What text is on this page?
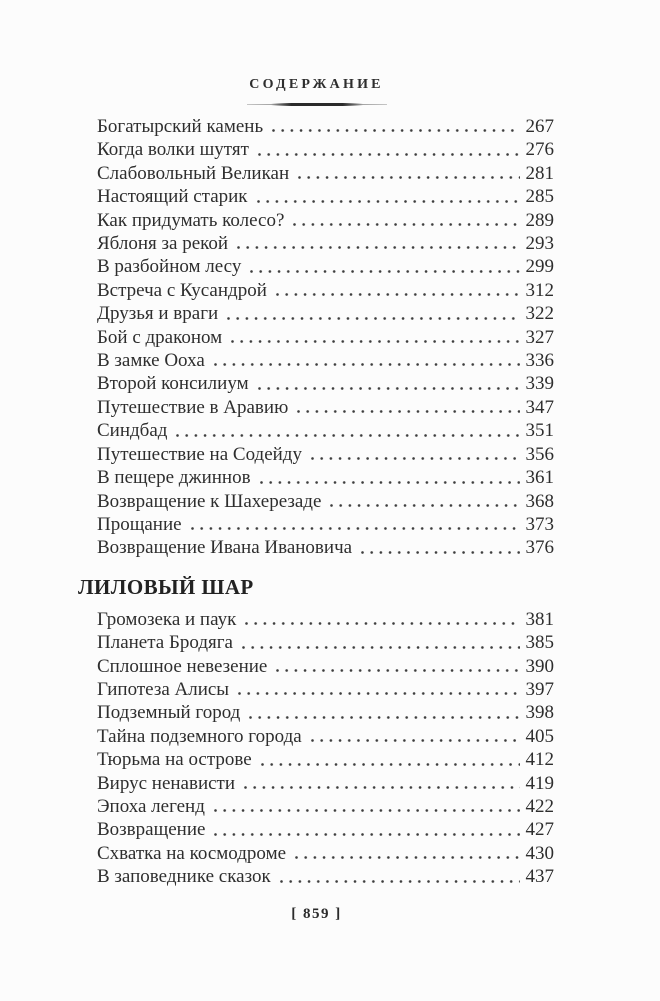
СОДЕРЖАНИЕ
Богатырский камень	267
Когда волки шутят	276
Слабовольный Великан	281
Настоящий старик	285
Как придумать колесо?	289
Яблоня за рекой	293
В разбойном лесу	299
Встреча с Кусандрой	312
Друзья и враги	322
Бой с драконом	327
В замке Ооха	336
Второй консилиум	339
Путешествие в Аравию	347
Синдбад	351
Путешествие на Содейду	356
В пещере джиннов	361
Возвращение к Шахерезаде	368
Прощание	373
Возвращение Ивана Ивановича	376
ЛИЛОВЫЙ ШАР
Громозека и паук	381
Планета Бродяга	385
Сплошное невезение	390
Гипотеза Алисы	397
Подземный город	398
Тайна подземного города	405
Тюрьма на острове	412
Вирус ненависти	419
Эпоха легенд	422
Возвращение	427
Схватка на космодроме	430
В заповеднике сказок	437
[ 859 ]
